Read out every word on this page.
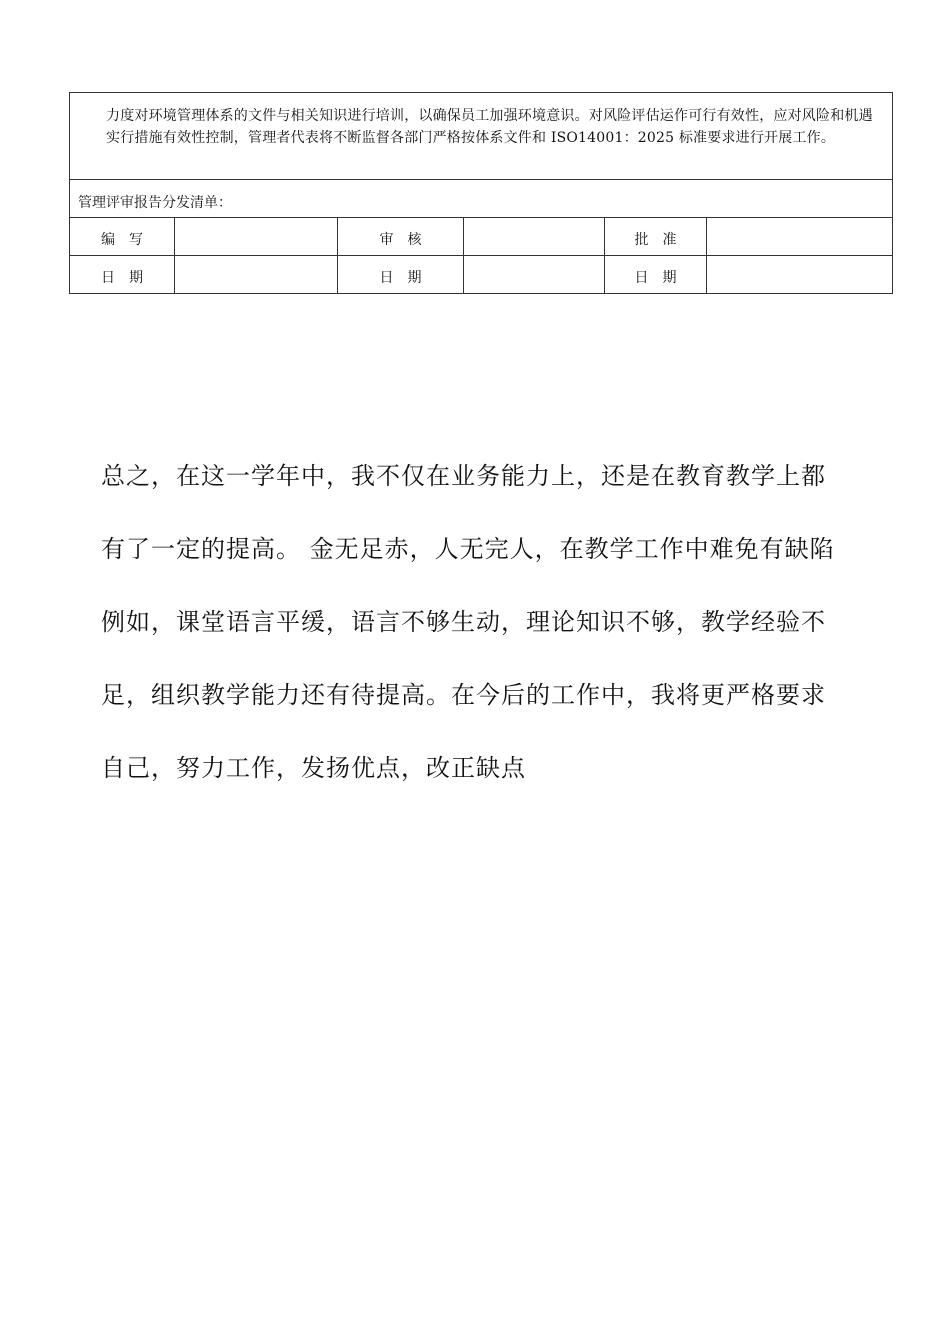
力度对环境管理体系的文件与相关知识进行培训，以确保员工加强环境意识。对风险评估运作可行有效性，应对风险和机遇实行措施有效性控制，管理者代表将不断监督各部门严格按体系文件和 ISO14001：2025 标准要求进行开展工作。					

管理评审报告分发清单：					
编写		审核		批准	
日期		日期		日期	
总之，在这一学年中，我不仅在业务能力上，还是在教育教学上都
有了一定的提高。 金无足赤，人无完人，在教学工作中难免有缺陷
例如，课堂语言平缓，语言不够生动，理论知识不够，教学经验不
足，组织教学能力还有待提高。在今后的工作中，我将更严格要求
自己，努力工作，发扬优点，改正缺点
